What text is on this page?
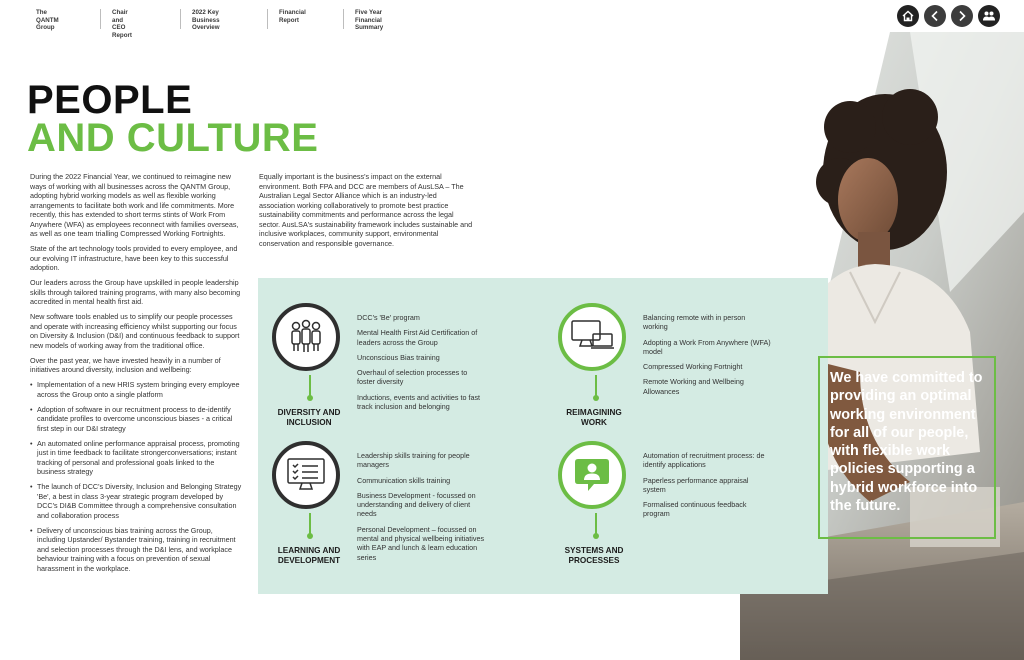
The
QANTM Group
Chair and
CEO Report
2022 Key
Business Overview
Financial
Report
Five Year Financial
Summary
PEOPLE
AND CULTURE

During the 2022 Financial Year, we continued to reimagine new ways of working with all businesses across the QANTM Group, adopting hybrid working models as well as flexible working arrangements to facilitate both work and life commitments. More recently, this has extended to short terms stints of Work From Anywhere (WFA) as employees reconnect with families overseas, as well as one team trialling Compressed Working Fortnights.

State of the art technology tools provided to every employee, and our evolving IT infrastructure, have been key to this successful adoption.

Our leaders across the Group have upskilled in people leadership skills through tailored training programs, with many also becoming accredited in mental health first aid.

New software tools enabled us to simplify our people processes and operate with increasing efficiency whilst supporting our focus on Diversity & Inclusion (D&I) and continuous feedback to support new models of working away from the traditional office.

Over the past year, we have invested heavily in a number of initiatives around diversity, inclusion and wellbeing:

• Implementation of a new HRIS system bringing every employee across the Group onto a single platform
• Adoption of software in our recruitment process to de-identify candidate profiles to overcome unconscious biases - a critical first step in our D&I strategy
• An automated online performance appraisal process, promoting just in time feedback to facilitate strongerconversations; instant tracking of personal and professional goals linked to the business strategy
• The launch of DCC's Diversity, Inclusion and Belonging Strategy 'Be', a best in class 3-year strategic program developed by DCC's DI&B Committee through a comprehensive consultation and collaboration process
• Delivery of unconscious bias training across the Group, including Upstander/ Bystander training, training in recruitment and selection processes through the D&I lens, and workplace behaviour training with a focus on prevention of sexual harassment in the workplace.

Equally important is the business's impact on the external environment. Both FPA and DCC are members of AusLSA – The Australian Legal Sector Alliance which is an industry-led association working collaboratively to promote best practice sustainability commitments and performance across the legal sector. AusLSA's sustainability framework includes sustainable and inclusive workplaces, community support, environmental conservation and responsible governance.

DIVERSITY AND
INCLUSION
DCC's 'Be' program
Mental Health First Aid Certification of leaders across the Group
Unconscious Bias training
Overhaul of selection processes to foster diversity
Inductions, events and activities to fast track inclusion and belonging
REIMAGINING
WORK
Balancing remote with in person working
Adopting a Work From Anywhere (WFA) model
Compressed Working Fortnight
Remote Working and Wellbeing Allowances
LEARNING AND
DEVELOPMENT
Leadership skills training for people managers
Communication skills training
Business Development - focussed on understanding and delivery of client needs
Personal Development – focussed on mental and physical wellbeing initiatives with EAP and lunch & learn education series
SYSTEMS AND
PROCESSES
Automation of recruitment process: de identify applications
Paperless performance appraisal system
Formalised continuous feedback program
We have committed to providing an optimal working environment for all of our people, with flexible work policies supporting a hybrid workforce into the future.
